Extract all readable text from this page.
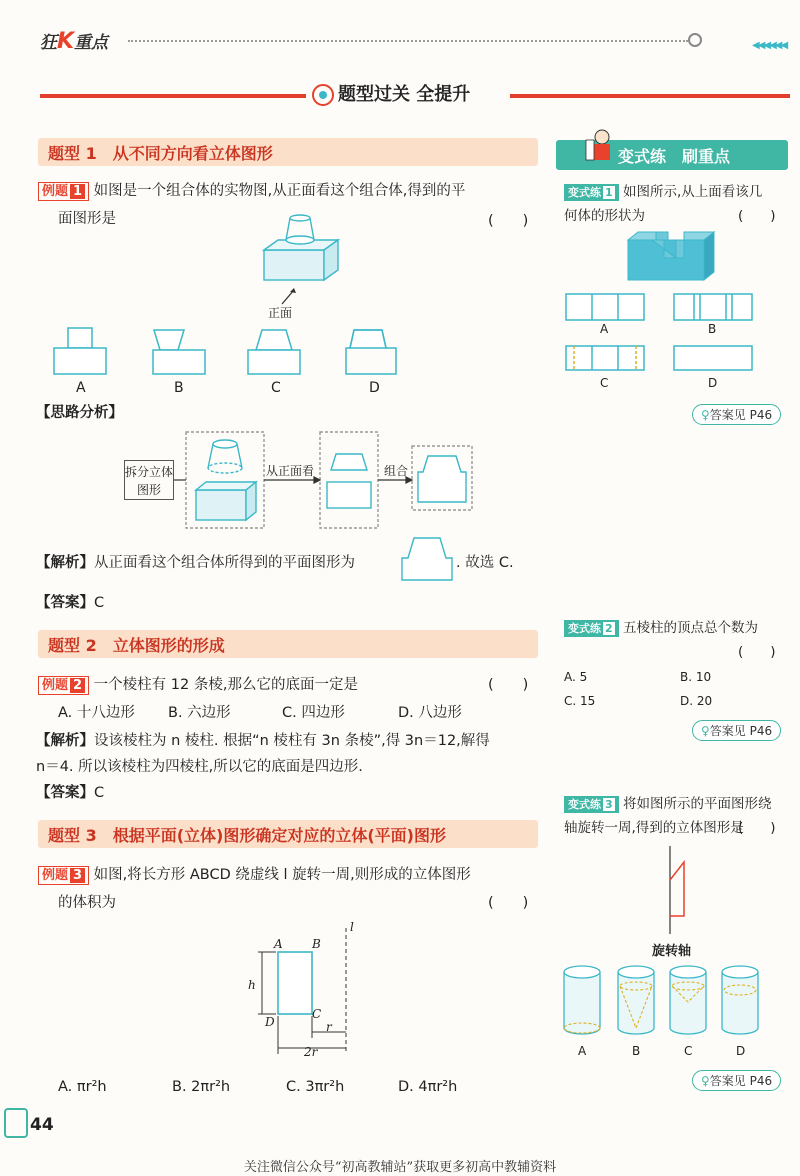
狂K重点	◀◀◀◀◀◀
题型过关 全提升
题型 1　从不同方向看立体图形
例题 1 如图是一个组合体的实物图,从正面看这个组合体,得到的平
面图形是	(　　)
正面
A	B	C	D
【思路分析】
拆分立体图形
从正面看	组合
【解析】从正面看这个组合体所得到的平面图形为	. 故选 C.
【答案】C
题型 2　立体图形的形成
例题 2 一个棱柱有 12 条棱,那么它的底面一定是	(　　)
A. 十八边形 B. 六边形	C. 四边形	D. 八边形
【解析】设该棱柱为 n 棱柱. 根据“n 棱柱有 3n 条棱”,得 3n＝12,解得
n＝4. 所以该棱柱为四棱柱,所以它的底面是四边形.
【答案】C
题型 3　根据平面(立体)图形确定对应的立体(平面)图形
例题 3 如图,将长方形 ABCD 绕虚线 l 旋转一周,则形成的立体图形
的体积为	(　　)
A B
C
D
h
r
2r
l
A. πr²h	B. 2πr²h	C. 3πr²h	D. 4πr²h
变式练　刷重点
变式练 1 如图所示,从上面看该几
何体的形状为	(　　)
A	B
C	D
♀答案见 P46
变式练 2 五棱柱的顶点总个数为
(　　)
A. 5	B. 10
C. 15	D. 20
♀答案见 P46
变式练 3 将如图所示的平面图形绕
轴旋转一周,得到的立体图形是
(　　)
旋转轴
A	B	C	D
♀答案见 P46
44
关注微信公众号“初高教辅站”获取更多初高中教辅资料
